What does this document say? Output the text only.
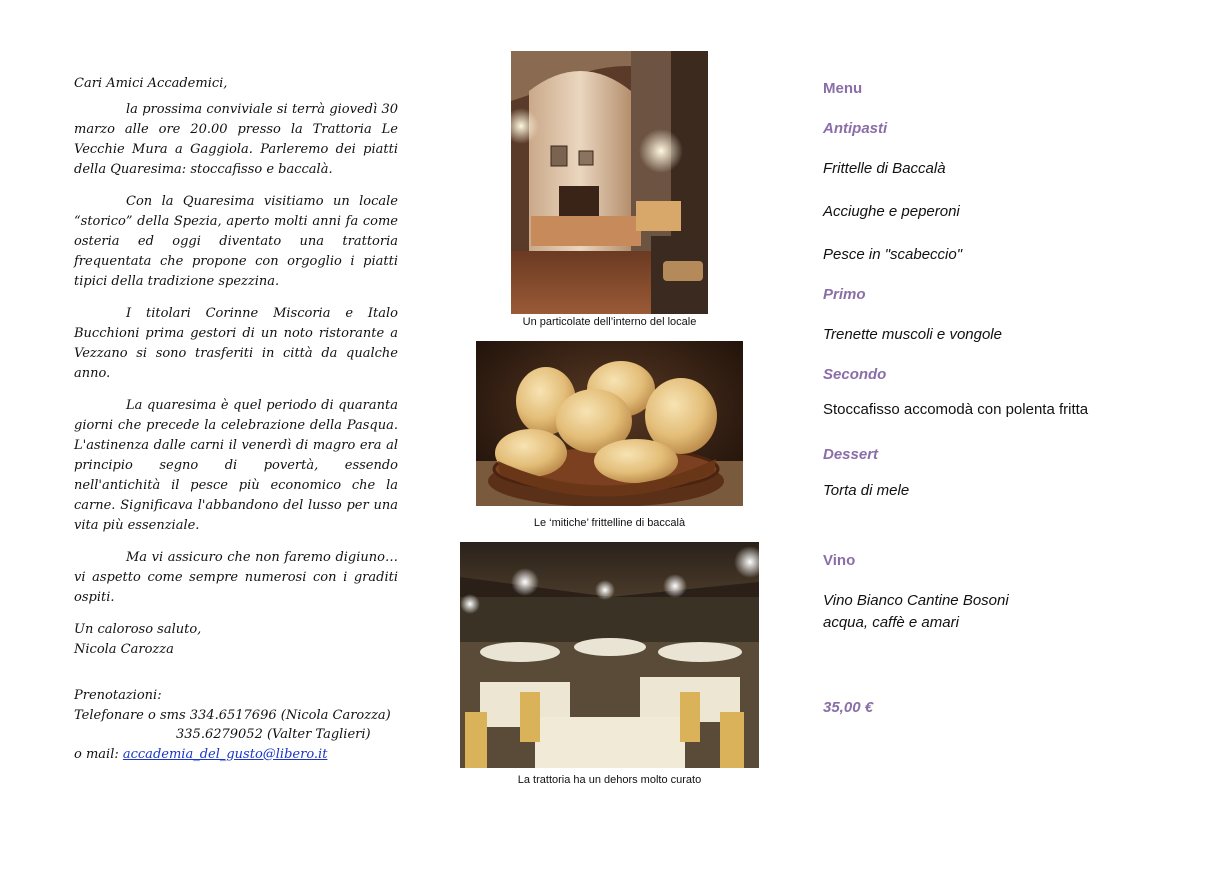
Cari Amici Accademici,

la prossima conviviale si terrà giovedì 30 marzo alle ore 20.00 presso la Trattoria Le Vecchie Mura a Gaggiola. Parleremo dei piatti della Quaresima: stoccafisso e baccalà.

Con la Quaresima visitiamo un locale “storico” della Spezia, aperto molti anni fa come osteria ed oggi diventato una trattoria frequentata che propone con orgoglio i piatti tipici della tradizione spezzina.

I titolari Corinne Miscoria e Italo Bucchioni prima gestori di un noto ristorante a Vezzano si sono trasferiti in città da qualche anno.

La quaresima è quel periodo di quaranta giorni che precede la celebrazione della Pasqua. L'astinenza dalle carni il venerdì di magro era al principio segno di povertà, essendo nell'antichità il pesce più economico che la carne. Significava l'abbandono del lusso per una vita più essenziale.

Ma vi assicuro che non faremo digiuno…vi aspetto come sempre numerosi con i graditi ospiti.

Un caloroso saluto,

Nicola Carozza

Prenotazioni:
Telefonare o sms 334.6517696 (Nicola Carozza)
335.6279052 (Valter Taglieri)
o mail: accademia_del_gusto@libero.it
Un particolate dell’interno del locale
Le ‘mitiche’ frittelline di baccalà
La trattoria ha un dehors molto curato
Menu
Antipasti
Frittelle di Baccalà
Acciughe e peperoni
Pesce in "scabeccio"
Primo
Trenette muscoli e vongole
Secondo
Stoccafisso accomodà con polenta fritta
Dessert
Torta di mele
Vino
Vino Bianco Cantine Bosoni
acqua, caffè e amari
35,00 €
